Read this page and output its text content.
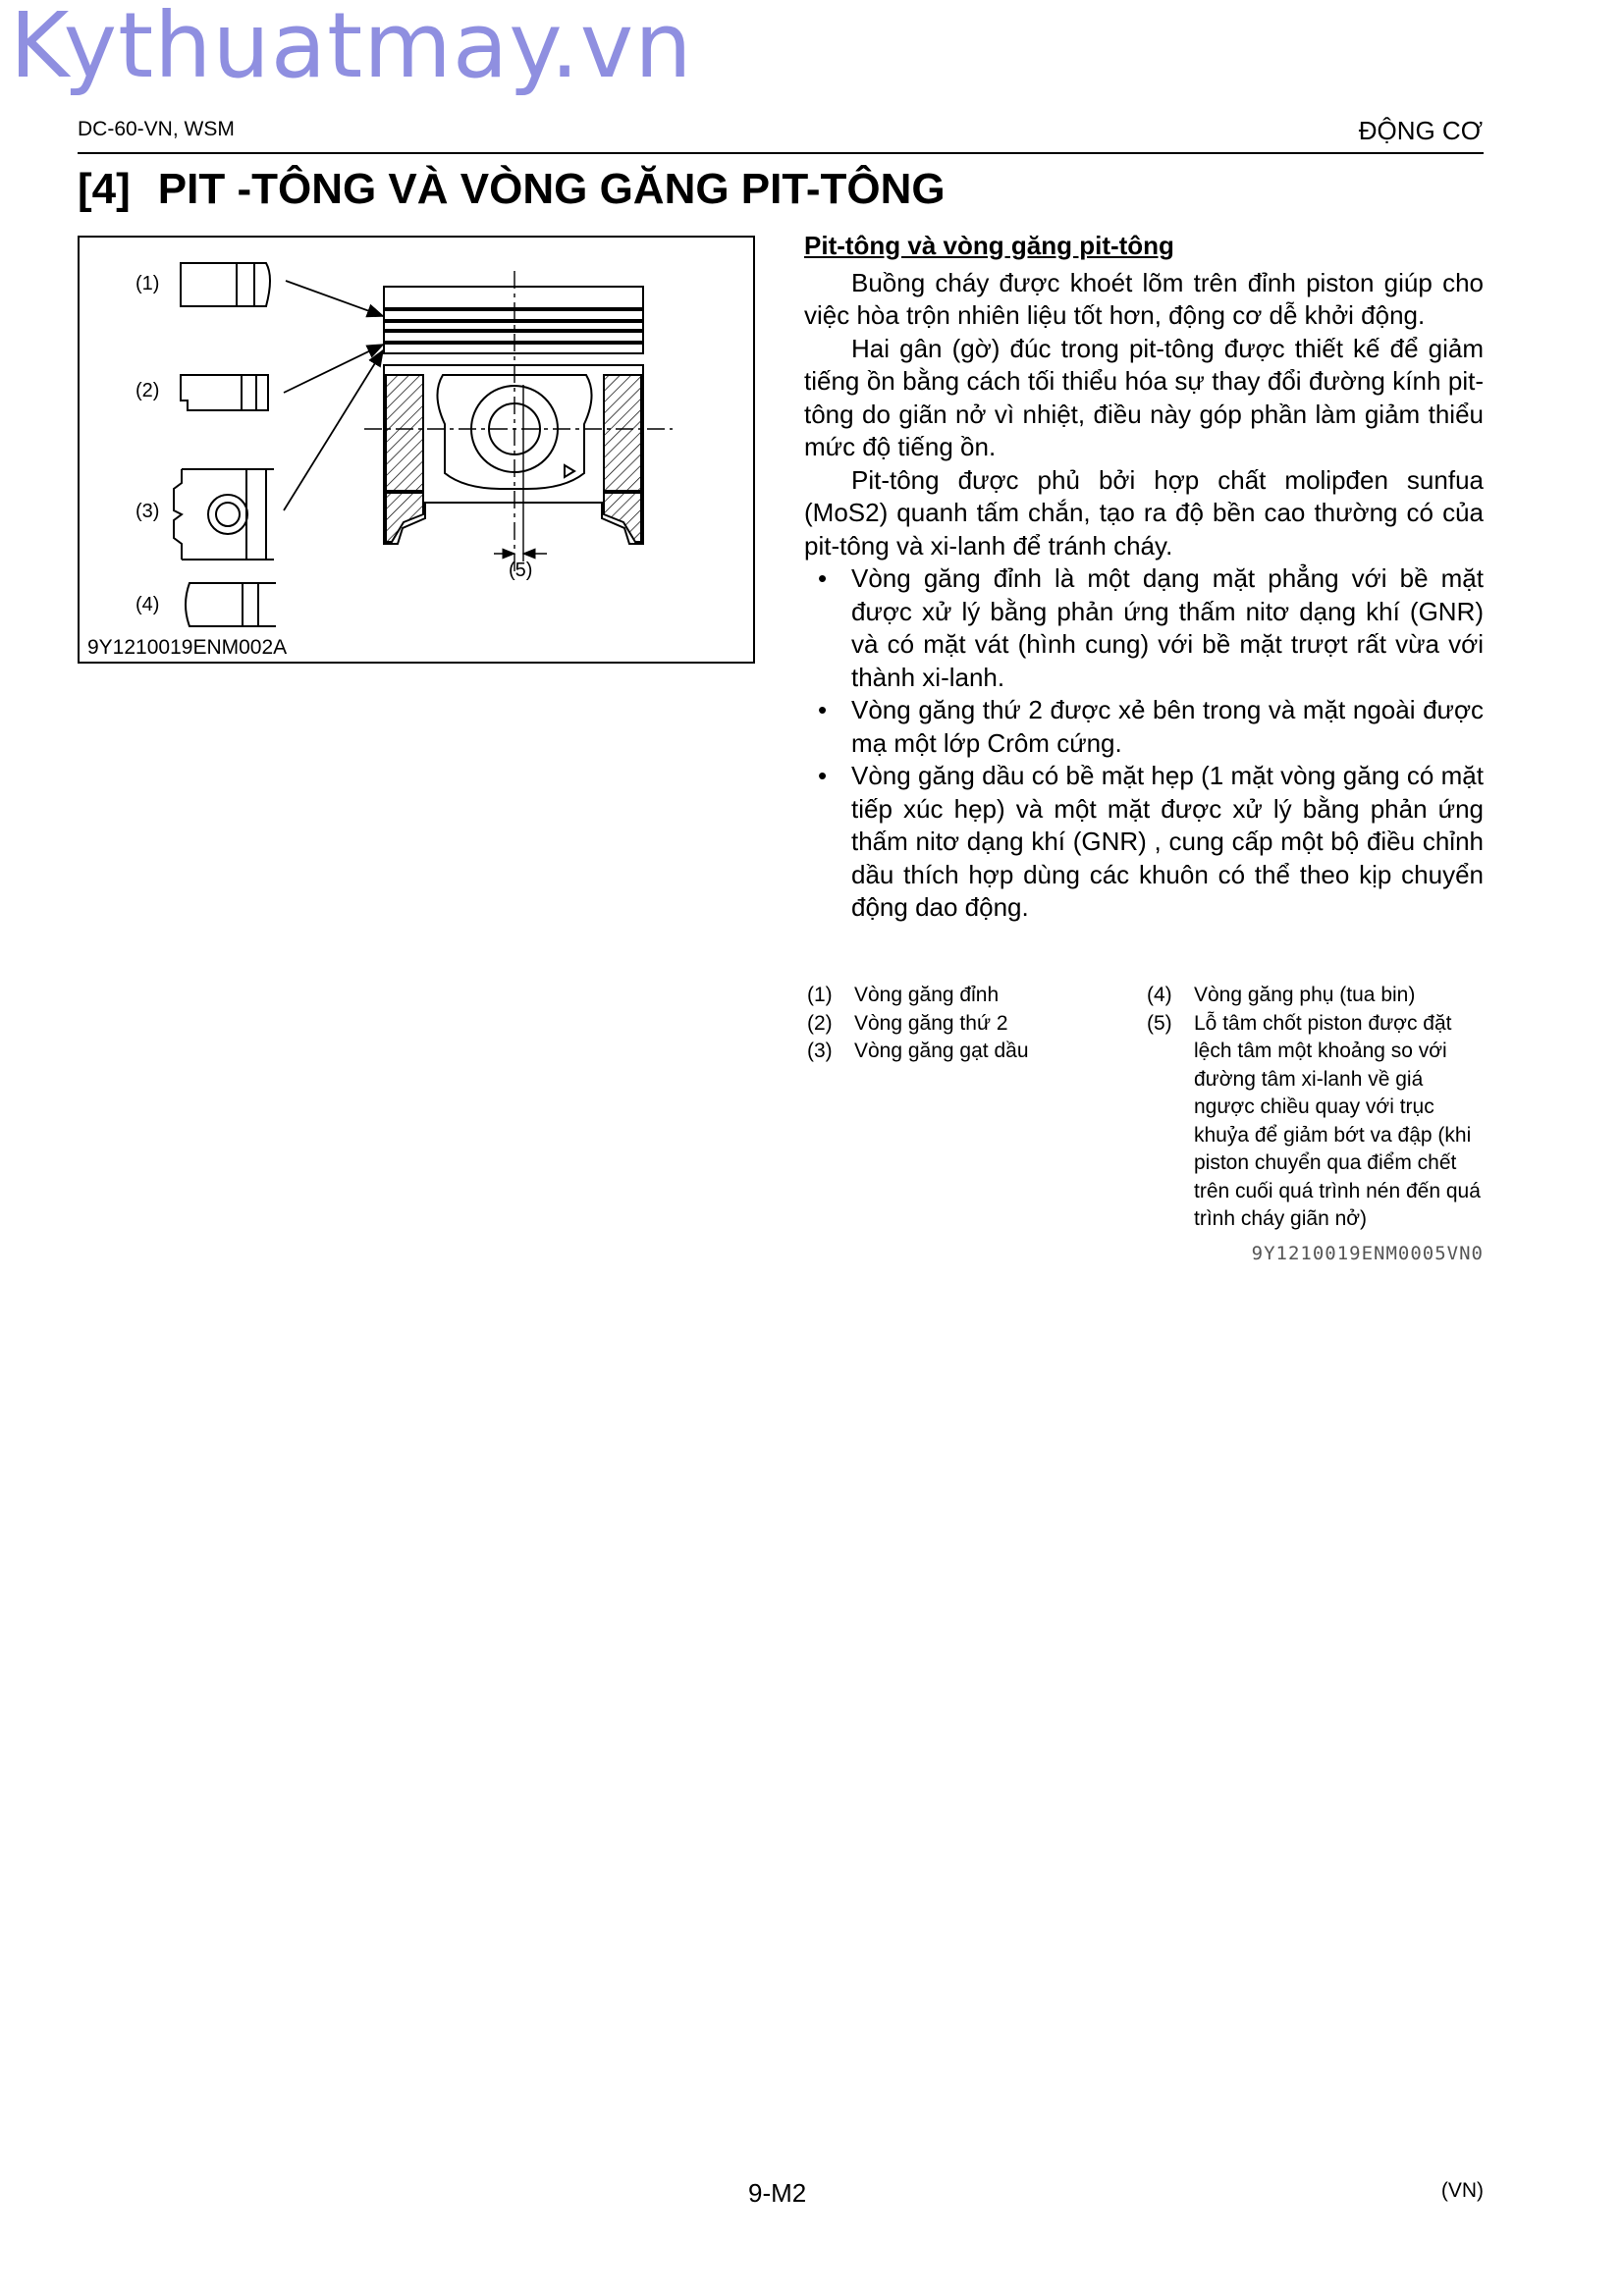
Kythuatmay.vn
DC-60-VN, WSM	ĐỘNG CƠ
[4] PIT -TÔNG VÀ VÒNG GĂNG PIT-TÔNG
(1)
(2)
(3)
(4)
(5)
9Y1210019ENM002A
Pit-tông và vòng găng pit-tông

Buồng cháy được khoét lõm trên đỉnh piston giúp cho việc hòa trộn nhiên liệu tốt hơn, động cơ dễ khởi động.

Hai gân (gờ) đúc trong pit-tông được thiết kế để giảm tiếng ồn bằng cách tối thiểu hóa sự thay đổi đường kính pit-tông do giãn nở vì nhiệt, điều này góp phần làm giảm thiểu mức độ tiếng ồn.

Pit-tông được phủ bởi hợp chất molipđen sunfua (MoS2) quanh tấm chắn, tạo ra độ bền cao thường có của pit-tông và xi-lanh để tránh cháy.

• Vòng găng đỉnh là một dạng mặt phẳng với bề mặt được xử lý bằng phản ứng thấm nitơ dạng khí (GNR) và có mặt vát (hình cung) với bề mặt trượt rất vừa với thành xi-lanh.
• Vòng găng thứ 2 được xẻ bên trong và mặt ngoài được mạ một lớp Crôm cứng.
• Vòng găng dầu có bề mặt hẹp (1 mặt vòng găng có mặt tiếp xúc hẹp) và một mặt được xử lý bằng phản ứng thấm nitơ dạng khí (GNR) , cung cấp một bộ điều chỉnh dầu thích hợp dùng các khuôn có thể theo kịp chuyển động dao động.
(1) Vòng găng đỉnh
(2) Vòng găng thứ 2
(3) Vòng găng gạt dầu
(4) Vòng găng phụ (tua bin)
(5) Lỗ tâm chốt piston được đặt lệch tâm một khoảng so với đường tâm xi-lanh về giá ngược chiều quay với trục khuỷa để giảm bớt va đập (khi piston chuyển qua điểm chết trên cuối quá trình nén đến quá trình cháy giãn nở)
9Y1210019ENM0005VN0
9-M2	(VN)
